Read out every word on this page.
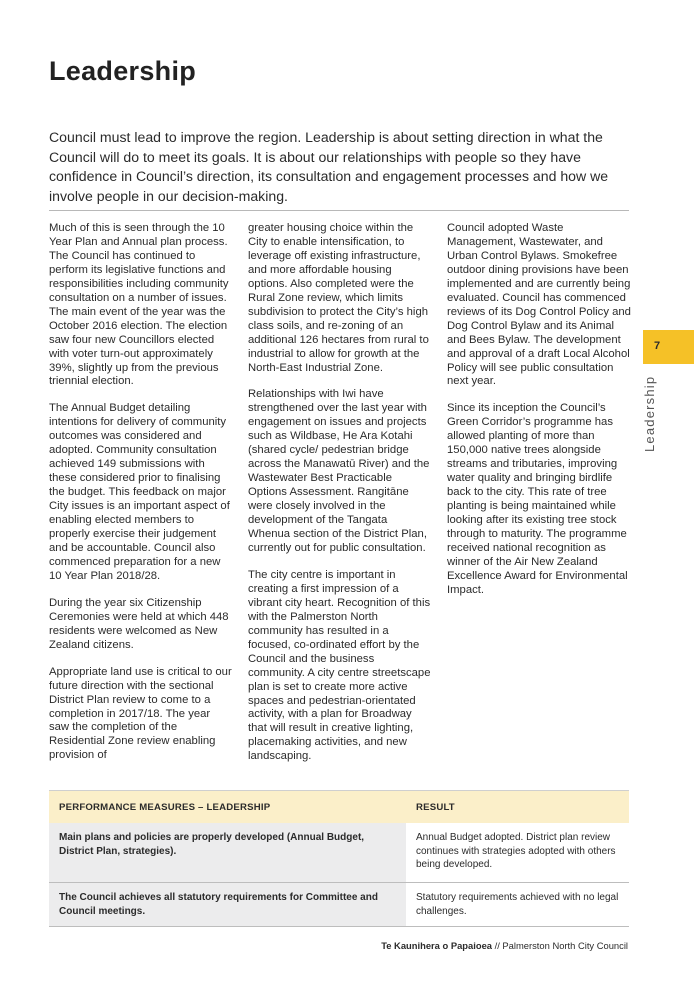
Leadership
Council must lead to improve the region. Leadership is about setting direction in what the Council will do to meet its goals. It is about our relationships with people so they have confidence in Council’s direction, its consultation and engagement processes and how we involve people in our decision-making.

Much of this is seen through the 10 Year Plan and Annual plan process. The Council has continued to perform its legislative functions and responsibilities including community consultation on a number of issues. The main event of the year was the October 2016 election. The election saw four new Councillors elected with voter turn-out approximately 39%, slightly up from the previous triennial election.

The Annual Budget detailing intentions for delivery of community outcomes was considered and adopted. Community consultation achieved 149 submissions with these considered prior to finalising the budget. This feedback on major City issues is an important aspect of enabling elected members to properly exercise their judgement and be accountable. Council also commenced preparation for a new 10 Year Plan 2018/28.

During the year six Citizenship Ceremonies were held at which 448 residents were welcomed as New Zealand citizens.

Appropriate land use is critical to our future direction with the sectional District Plan review to come to a completion in 2017/18. The year saw the completion of the Residential Zone review enabling provision of

greater housing choice within the City to enable intensification, to leverage off existing infrastructure, and more affordable housing options. Also completed were the Rural Zone review, which limits subdivision to protect the City’s high class soils, and re-zoning of an additional 126 hectares from rural to industrial to allow for growth at the North-East Industrial Zone.

Relationships with Iwi have strengthened over the last year with engagement on issues and projects such as Wildbase, He Ara Kotahi (shared cycle/ pedestrian bridge across the Manawatū River) and the Wastewater Best Practicable Options Assessment. Rangitāne were closely involved in the development of the Tangata Whenua section of the District Plan, currently out for public consultation.

The city centre is important in creating a first impression of a vibrant city heart. Recognition of this with the Palmerston North community has resulted in a focused, co-ordinated effort by the Council and the business community. A city centre streetscape plan is set to create more active spaces and pedestrian-orientated activity, with a plan for Broadway that will result in creative lighting, placemaking activities, and new landscaping.

Council adopted Waste Management, Wastewater, and Urban Control Bylaws. Smokefree outdoor dining provisions have been implemented and are currently being evaluated. Council has commenced reviews of its Dog Control Policy and Dog Control Bylaw and its Animal and Bees Bylaw. The development and approval of a draft Local Alcohol Policy will see public consultation next year.

Since its inception the Council’s Green Corridor’s programme has allowed planting of more than 150,000 native trees alongside streams and tributaries, improving water quality and bringing birdlife back to the city. This rate of tree planting is being maintained while looking after its existing tree stock through to maturity. The programme received national recognition as winner of the Air New Zealand Excellence Award for Environmental Impact.

7
Leadership
PERFORMANCE MEASURES – LEADERSHIP	RESULT
Main plans and policies are properly developed (Annual Budget, District Plan, strategies).	Annual Budget adopted. District plan review continues with strategies adopted with others being developed.
The Council achieves all statutory requirements for Committee and Council meetings.	Statutory requirements achieved with no legal challenges.
Te Kaunihera o Papaioea // Palmerston North City Council
